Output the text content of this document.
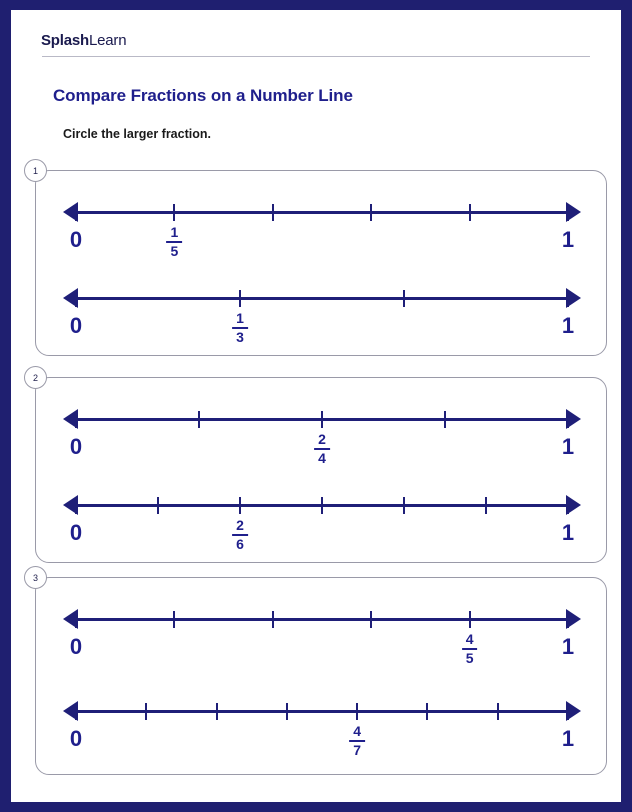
SplashLearn
Compare Fractions on a Number Line
Circle the larger fraction.
1
0	1
1
5
0	1
1
3
2
0	1
2
4
0	1
2
6
3
0	1
4
5
0	1
4
7
